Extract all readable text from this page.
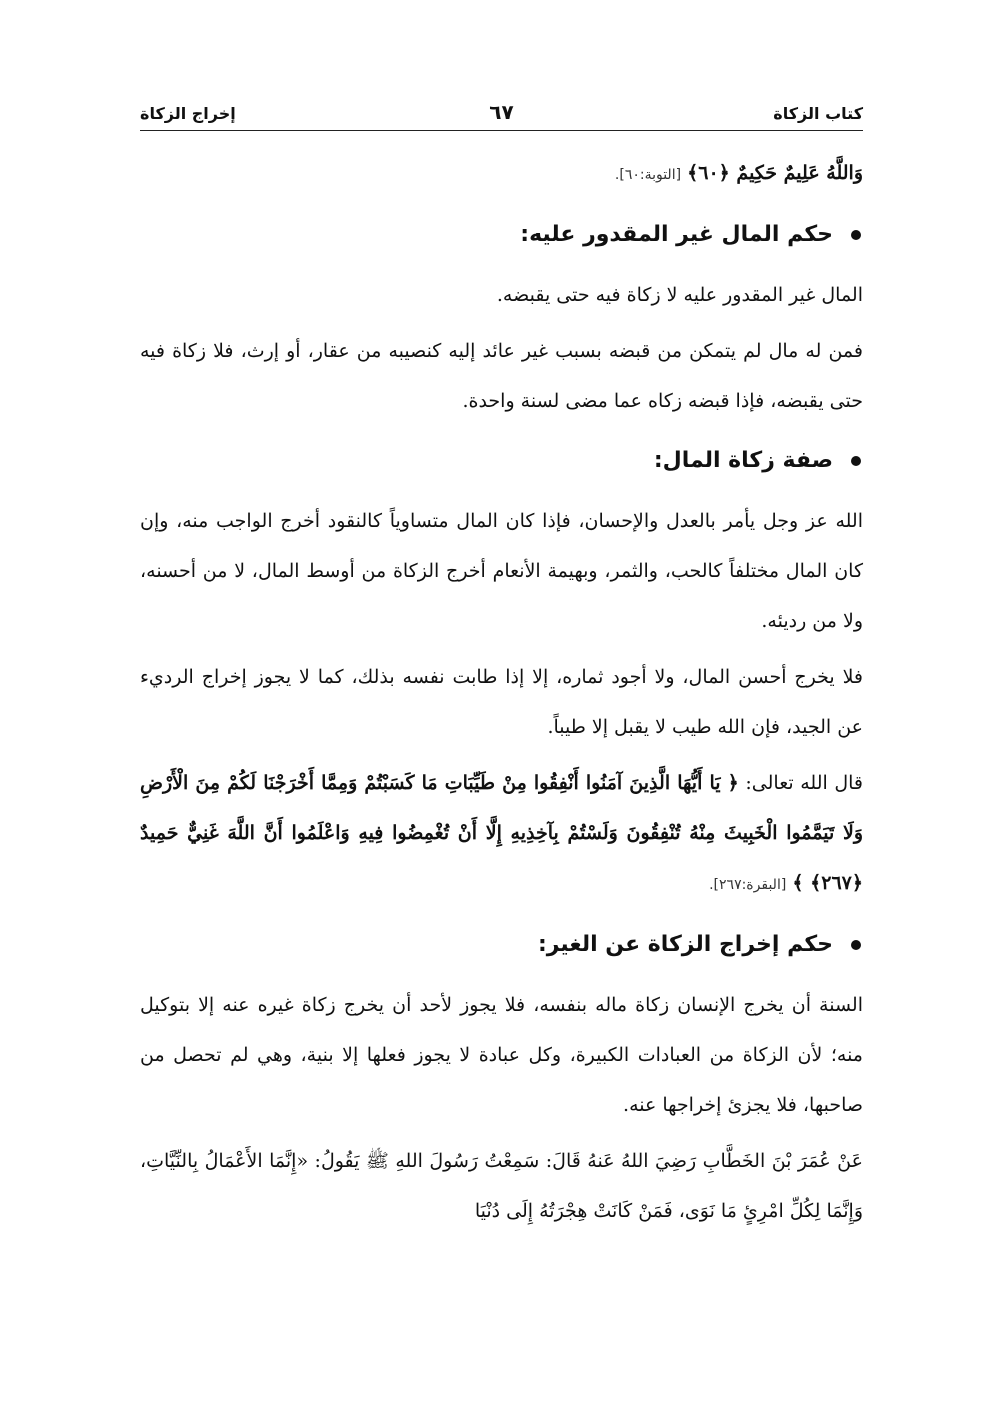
كتاب الزكاة
٦٧
إخراج الزكاة

وَاللَّهُ عَلِيمٌ حَكِيمٌ ﴿٦٠﴾ [التوبة:٦٠].

حكم المال غير المقدور عليه:

المال غير المقدور عليه لا زكاة فيه حتى يقبضه.

فمن له مال لم يتمكن من قبضه بسبب غير عائد إليه كنصيبه من عقار، أو إرث، فلا زكاة فيه حتى يقبضه، فإذا قبضه زكاه عما مضى لسنة واحدة.

صفة زكاة المال:

الله عز وجل يأمر بالعدل والإحسان، فإذا كان المال متساوياً كالنقود أخرج الواجب منه، وإن كان المال مختلفاً كالحب، والثمر، وبهيمة الأنعام أخرج الزكاة من أوسط المال، لا من أحسنه، ولا من رديئه.

فلا يخرج أحسن المال، ولا أجود ثماره، إلا إذا طابت نفسه بذلك، كما لا يجوز إخراج الرديء عن الجيد، فإن الله طيب لا يقبل إلا طيباً.

قال الله تعالى: ﴿ يَا أَيُّهَا الَّذِينَ آمَنُوا أَنْفِقُوا مِنْ طَيِّبَاتِ مَا كَسَبْتُمْ وَمِمَّا أَخْرَجْنَا لَكُمْ مِنَ الْأَرْضِ وَلَا تَيَمَّمُوا الْخَبِيثَ مِنْهُ تُنْفِقُونَ وَلَسْتُمْ بِآخِذِيهِ إِلَّا أَنْ تُغْمِضُوا فِيهِ وَاعْلَمُوا أَنَّ اللَّهَ غَنِيٌّ حَمِيدٌ ﴿٢٦٧﴾ ﴾ [البقرة:٢٦٧].

حكم إخراج الزكاة عن الغير:

السنة أن يخرج الإنسان زكاة ماله بنفسه، فلا يجوز لأحد أن يخرج زكاة غيره عنه إلا بتوكيل منه؛ لأن الزكاة من العبادات الكبيرة، وكل عبادة لا يجوز فعلها إلا بنية، وهي لم تحصل من صاحبها، فلا يجزئ إخراجها عنه.

عَنْ عُمَرَ بْنَ الخَطَّابِ رَضِيَ اللهُ عَنهُ قَالَ: سَمِعْتُ رَسُولَ اللهِ ﷺ يَقُولُ: «إِنَّمَا الأَعْمَالُ بِالنِّيَّاتِ، وَإِنَّمَا لِكُلِّ امْرِئٍ مَا نَوَى، فَمَنْ كَانَتْ هِجْرَتُهُ إِلَى دُنْيَا
